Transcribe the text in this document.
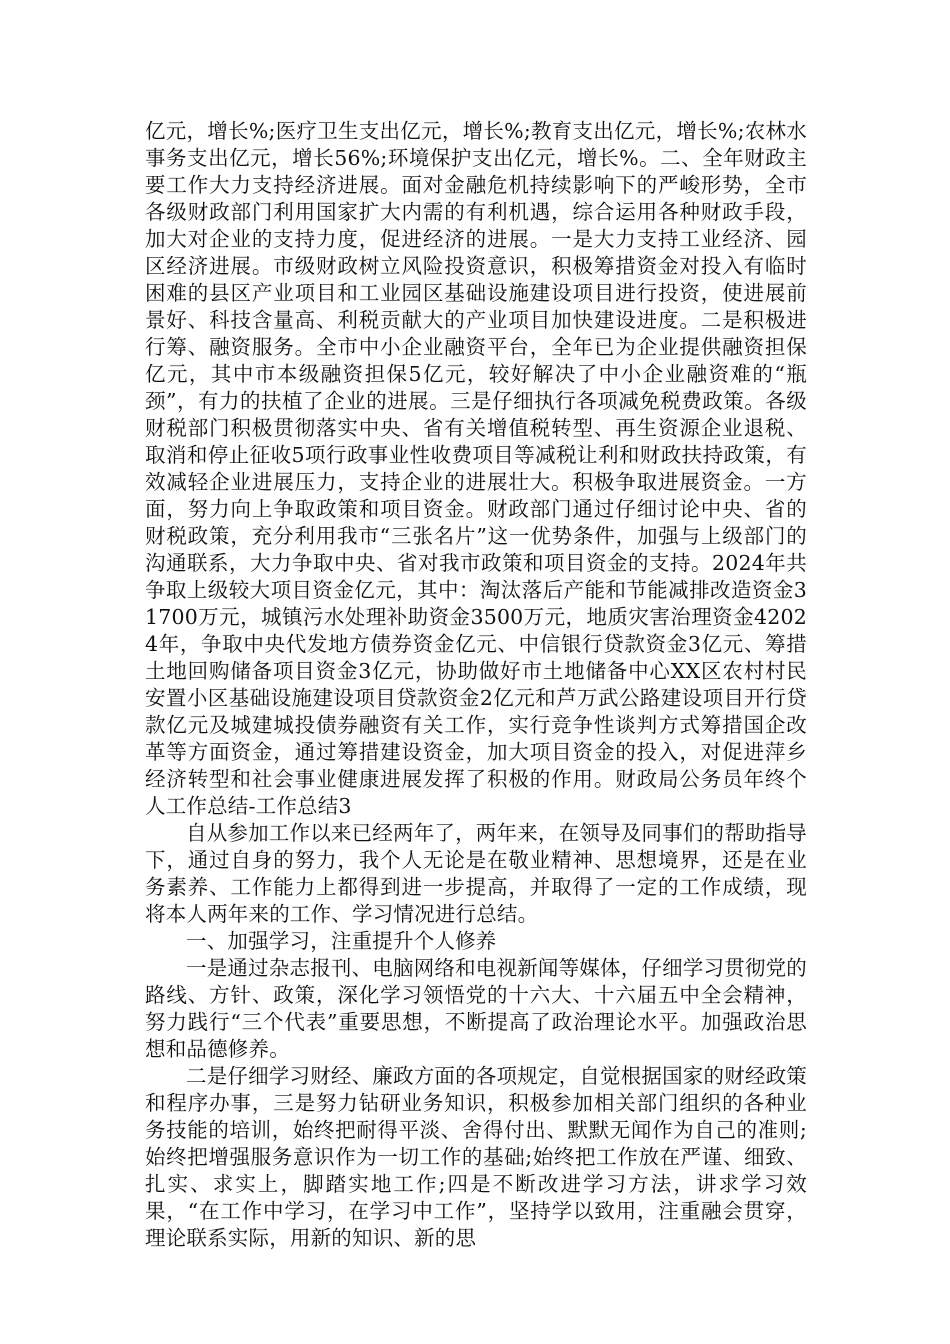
亿元，增长%;医疗卫生支出亿元，增长%;教育支出亿元，增长%;农林水事务支出亿元，增长56%;环境保护支出亿元，增长%。二、全年财政主要工作大力支持经济进展。面对金融危机持续影响下的严峻形势，全市各级财政部门利用国家扩大内需的有利机遇，综合运用各种财政手段，加大对企业的支持力度，促进经济的进展。一是大力支持工业经济、园区经济进展。市级财政树立风险投资意识，积极筹措资金对投入有临时困难的县区产业项目和工业园区基础设施建设项目进行投资，使进展前景好、科技含量高、利税贡献大的产业项目加快建设进度。二是积极进行筹、融资服务。全市中小企业融资平台，全年已为企业提供融资担保亿元，其中市本级融资担保5亿元，较好解决了中小企业融资难的“瓶颈”，有力的扶植了企业的进展。三是仔细执行各项减免税费政策。各级财税部门积极贯彻落实中央、省有关增值税转型、再生资源企业退税、取消和停止征收5项行政事业性收费项目等减税让利和财政扶持政策，有效减轻企业进展压力，支持企业的进展壮大。积极争取进展资金。一方面，努力向上争取政策和项目资金。财政部门通过仔细讨论中央、省的财税政策，充分利用我市“三张名片”这一优势条件，加强与上级部门的沟通联系，大力争取中央、省对我市政策和项目资金的支持。2024年共争取上级较大项目资金亿元，其中：淘汰落后产能和节能减排改造资金31700万元，城镇污水处理补助资金3500万元，地质灾害治理资金42024年，争取中央代发地方债券资金亿元、中信银行贷款资金3亿元、筹措土地回购储备项目资金3亿元，协助做好市土地储备中心XX区农村村民安置小区基础设施建设项目贷款资金2亿元和芦万武公路建设项目开行贷款亿元及城建城投债券融资有关工作，实行竞争性谈判方式筹措国企改革等方面资金，通过筹措建设资金，加大项目资金的投入，对促进萍乡经济转型和社会事业健康进展发挥了积极的作用。财政局公务员年终个人工作总结-工作总结3

自从参加工作以来已经两年了，两年来，在领导及同事们的帮助指导下，通过自身的努力，我个人无论是在敬业精神、思想境界，还是在业务素养、工作能力上都得到进一步提高，并取得了一定的工作成绩，现将本人两年来的工作、学习情况进行总结。

一、加强学习，注重提升个人修养

一是通过杂志报刊、电脑网络和电视新闻等媒体，仔细学习贯彻党的路线、方针、政策，深化学习领悟党的十六大、十六届五中全会精神，努力践行“三个代表”重要思想，不断提高了政治理论水平。加强政治思想和品德修养。

二是仔细学习财经、廉政方面的各项规定，自觉根据国家的财经政策和程序办事，三是努力钻研业务知识，积极参加相关部门组织的各种业务技能的培训，始终把耐得平淡、舍得付出、默默无闻作为自己的准则;始终把增强服务意识作为一切工作的基础;始终把工作放在严谨、细致、扎实、求实上，脚踏实地工作;四是不断改进学习方法，讲求学习效果，“在工作中学习，在学习中工作”，坚持学以致用，注重融会贯穿，理论联系实际，用新的知识、新的思
